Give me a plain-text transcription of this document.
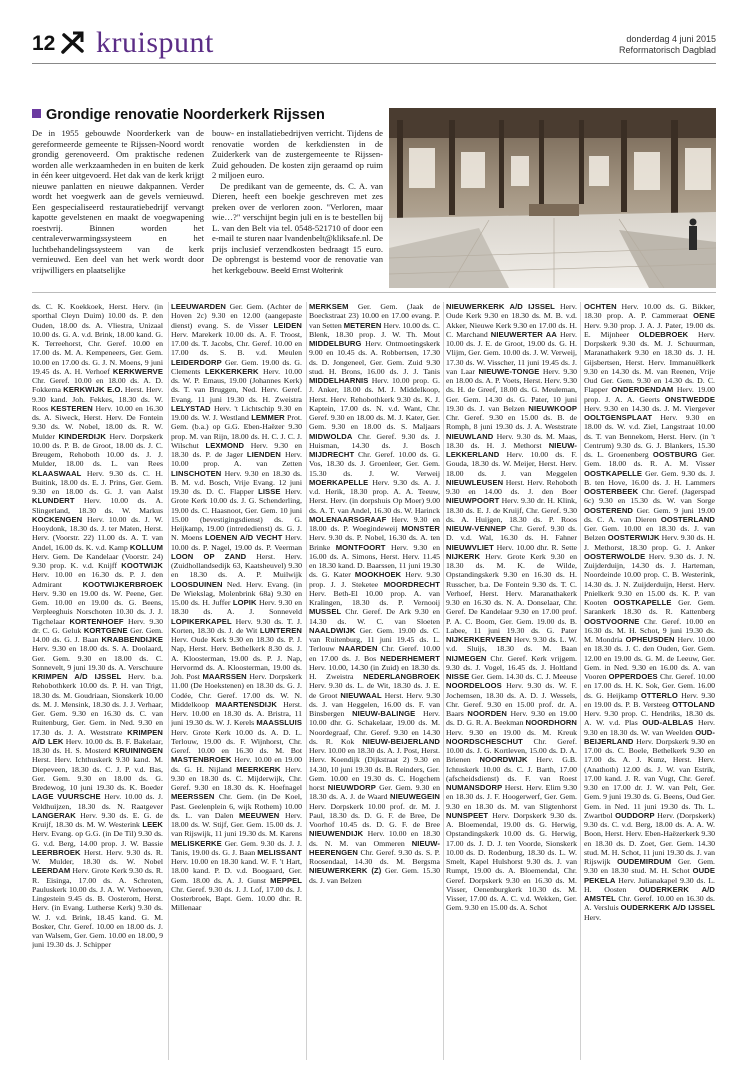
12 kruispunt	donderdag 4 juni 2015
Reformatorisch Dagblad
Grondige renovatie Noorderkerk Rijssen

De in 1955 gebouwde Noorderkerk van de gereformeerde gemeente te Rijssen-Noord wordt grondig gerenoveerd. Om praktische redenen worden alle werkzaamheden in en buiten de kerk in één keer uitgevoerd. Het dak van de kerk krijgt nieuwe panlatten en nieuwe dakpannen. Verder wordt het voegwerk aan de gevels vernieuwd. Een gespecialiseerd restauratiebedrijf vervangt kapotte gevelstenen en maakt de voegwapening roestvrij. Binnen worden het centraleverwarmingssysteem en het luchtbehandelingssysteem van de kerk vernieuwd. Een deel van het werk wordt door vrijwilligers en plaatselijke

bouw- en installatiebedrijven verricht. Tijdens de renovatie worden de kerkdiensten in de Zuiderkerk van de zustergemeente te Rijssen-Zuid gehouden. De kosten zijn geraamd op ruim 2 miljoen euro.

De predikant van de gemeente, ds. C. A. van Dieren, heeft een boekje geschreven met zes preken over de verloren zoon. "Verloren, maar wie…?" verschijnt begin juli en is te bestellen bij L. van den Belt via tel. 0548-521710 of door een e-mail te sturen naar lvandenbelt@kliksafe.nl. De prijs inclusief verzendkosten bedraagt 15 euro. De opbrengst is bestemd voor de renovatie van het kerkgebouw. Beeld Ernst Wolterink

ds. C. K. Koekkoek, Herst. Herv. (in sporthal Cleyn Duim) 10.00 ds. P. den Ouden, 18.00 ds. A. Vliestra, Unizaal 10.00 ds. G. A. v.d. Brink, 18.00 kand. G. K. Terreehorst, Chr. Geref. 10.00 en 17.00 ds. M. A. Kempeneers, Ger. Gem. 10.00 en 17.00 ds. G. J. N. Moens, 9 juni 19.45 ds. A. H. Verhoef KERKWERVE Chr. Geref. 10.00 en 18.00 ds. A. D. Fokkema KERKWIJK E.O. Herst. Herv. 9.30 kand. Joh. Fekkes, 18.30 ds. W. Roos KESTEREN Herv. 10.00 en 16.30 ds. A. Siweck, Herst. Herv. De Fontein 9.30 ds. W. Nobel, 18.00 ds. R. W. Mulder KINDERDIJK Herv. Dorpskerk 10.00 ds. P. B. de Groot, 18.00 ds. J. C. Breugem, Rehoboth 10.00 ds. J. J. Mulder, 18.00 ds. L. van Rees KLAASWAAL Herv. 9.30 ds. C. H. Buitink, 18.00 ds. E. J. Prins, Ger. Gem. 9.30 en 18.00 ds. G. J. van Aalst KLUNDERT Herv. 10.00 ds. A. Slingerland, 18.30 ds. W. Markus KOCKENGEN Herv. 10.00 ds. J. W. Hooydonk, 18.30 ds. J. ter Maten, Herst. Herv. (Voorstr. 22) 11.00 ds. A. T. van Andel, 16.00 ds. K. v.d. Kamp KOLLUM Herv. Gem. De Kandelaar (Voorstr. 24) 9.30 prop. K. v.d. Knijff KOOTWIJK Herv. 10.00 en 16.30 ds. P. J. den Admirant KOOTWIJKERBROEK Herv. 9.30 en 19.00 ds. W. Peene, Ger. Gem. 10.00 en 19.00 ds. G. Beens, Verpleeghuis Norschoten 10.30 ds. J. J. Tigchelaar KORTENHOEF Herv. 9.30 dr. C. G. Geluk KORTGENE Ger. Gem. 14.00 ds. G. J. Baan KRABBENDIJKE Herv. 9.30 en 18.00 ds. S. A. Doolaard, Ger. Gem. 9.30 en 18.00 ds. C. Sonnevelt, 9 juni 19.30 ds. A. Verschuure KRIMPEN A/D IJSSEL Herv. b.a. Rehobothkerk 10.00 ds. P. H. van Trigt, 18.30 ds. M. Goudriaan, Sionskerk 10.00 ds. M. J. Mensink, 18.30 ds. J. J. Verhaar, Ger. Gem. 9.30 en 16.30 ds. C. van Ruitenburg, Ger. Gem. in Ned. 9.30 en 17.30 ds. J. A. Weststrate KRIMPEN A/D LEK Herv. 10.00 ds. B. F. Bakelaar, 18.30 ds. H. S. Mosterd KRUININGEN Herst. Herv. Ichthuskerk 9.30 kand. M. Diepeveen, 18.30 ds. C. J. P. v.d. Bas, Ger. Gem. 9.30 en 18.00 ds. G. Bredewog, 10 juni 19.30 ds. K. Boeder LAGE VUURSCHE Herv. 10.00 ds. J. Veldhuijzen, 18.30 ds. N. Raatgever LANGERAK Herv. 9.30 ds. E. G. de Kruijf, 18.30 ds. M. W. Westerink LEEK Herv. Evang. op G.G. (in De Til) 9.30 ds. G. v.d. Berg, 14.00 prop. J. W. Bassie LEERBROEK Herst. Herv. 9.30 ds. R. W. Mulder, 18.30 ds. W. Nobel LEERDAM Herv. Grote Kerk 9.30 ds. R. R. Eisinga, 17.00 ds. A. Schroten, Pauluskerk 10.00 ds. J. A. W. Verhoeven, Lingestein 9.45 ds. B. Oosterom, Herst. Herv. (in Evang. Lutherse Kerk) 9.30 ds. W. J. v.d. Brink, 18.45 kand. G. M. Bosker, Chr. Geref. 10.00 en 18.00 ds. J. van Walsem, Ger. Gem. 10.00 en 18.00, 9 juni 19.30 ds. J. Schipper

LEEUWARDEN Ger. Gem. (Achter de Hoven 2c) 9.30 en 12.00 (aangepaste dienst) evang. S. de Visser LEIDEN Herv. Marekerk 10.00 ds. A. F. Troost, 17.00 ds. T. Jacobs, Chr. Geref. 10.00 en 17.00 ds. S. B. v.d. Meulen LEIDERDORP Ger. Gem. 19.00 ds. G. Clements LEKKERKERK Herv. 10.00 ds. W. P. Emaus, 19.00 (Johannes Kerk) ds. T. van Bruggen, Ned. Herv. Geref. Evang. 11 juni 19.30 ds. H. Zweistra LELYSTAD Herv. 't Lichtschip 9.30 en 19.00 ds. W. J. Westland LEMMER Prot. Gem. (b.a.) op G.G. Eben-Haëzer 9.30 prop. M. van Rijn, 18.00 ds. H. C. J. C. J. Wilschut LEXMOND Herv. 9.30 en 18.30 ds. P. de Jager LIENDEN Herv. 10.00 prop. A. van Zetten LINSCHOTEN Herv. 9.30 en 18.30 ds. B. M. v.d. Bosch, Vrije Evang. 12 juni 19.30 ds. D. C. Flapper LISSE Herv. Grote Kerk 10.00 ds. J. G. Schenderling, 19.00 ds. C. Haasnoot, Ger. Gem. 10 juni 15.00 (bevestigingsdienst) ds. G. Heijkamp, 19.00 (intrededienst) ds. G. J. N. Moens LOENEN A/D VECHT Herv. 10.00 ds. P. Nagel, 19.00 ds. P. Veerman LOON OP ZAND Herst. Herv. (Zuidhollandsedijk 63, Kaatsheuvel) 9.30 en 18.30 ds. A. P. Muilwijk LOOSDUINEN Ned. Herv. Evang. (in De Wiekslag, Molenbrink 68a) 9.30 en 15.00 ds. H. Juffer LOPIK Herv. 9.30 en 18.30 ds. A. J. Sonneveld LOPIKERKAPEL Herv. 9.30 ds. T. J. Korten, 18.30 ds. J. de Wit LUNTEREN Herv. Oude Kerk 9.30 en 18.30 ds. P. J. Nap, Herst. Herv. Bethelkerk 8.30 ds. J. A. Kloosterman, 19.00 ds. P. J. Nap, Hervormd ds. A. Kloosterman, 19.00 ds. Joh. Post MAARSSEN Herv. Dorpskerk 11.00 (De Hoekstenen) en 18.30 ds. G. J. Codée, Chr. Geref. 17.00 ds. W. N. Middelkoop MAARTENSDIJK Herst. Herv. 10.00 en 18.30 ds. A. Bristra, 11 juni 19.30 ds. W. J. Kerels MAASSLUIS Herv. Grote Kerk 10.00 ds. A. D. L. Terlouw, 19.00 ds. F. Wijnhorst, Chr. Geref. 10.00 en 16.30 ds. M. Bot MASTENBROEK Herv. 10.00 en 19.00 ds. G. H. Nijland MEERKERK Herv. 9.30 en 18.30 ds. C. Mijderwijk, Chr. Geref. 9.30 en 18.30 ds. K. Hoefnagel MEERSSEN Chr. Gem. (in De Koel, Past. Geelenplein 6, wijk Rothem) 10.00 ds. L. van Dalen MEEUWEN Herv. 18.00 ds. W. Stijf, Ger. Gem. 15.00 ds. J. van Rijswijk, 11 juni 19.30 ds. M. Karens MELISKERKE Ger. Gem. 9.30 ds. J. J. Tanis, 19.00 ds. G. J. Baan MELISSANT Herv. 10.00 en 18.30 kand. W. F. 't Hart, 18.00 kand. P. D. v.d. Boogaard, Ger. Gem. 18.00 ds. A. J. Gunst MEPPEL Chr. Geref. 9.30 ds. J. J. Lof, 17.00 ds. J. Oosterbroek, Bapt. Gem. 10.00 dhr. R. Millenaar

MERKSEM Ger. Gem. (Jaak de Boeckstraat 23) 10.00 en 17.00 evang. P. van Setten METEREN Herv. 10.00 ds. C. Blenk, 18.30 prop. J. W. Th. Mout MIDDELBURG Herv. Ontmoetingskerk 9.00 en 10.45 ds. A. Robbertsen, 17.30 ds. D. Jongeneel, Ger. Gem. Zuid 9.30 stud. H. Brons, 16.00 ds. J. J. Tanis MIDDELHARNIS Herv. 10.00 prop. G. J. Anker, 18.00 ds. M. J. Middelkoop, Herst. Herv. Rehobothkerk 9.30 ds. K. J. Kaptein, 17.00 ds. N. v.d. Want, Chr. Geref. 9.30 en 18.00 ds. M. J. Kater, Ger. Gem. 9.30 en 18.00 ds. S. Maljaars MIDWOLDA Chr. Geref. 9.30 ds. J. Huisman, 14.30 ds. J. Bosch MIJDRECHT Chr. Geref. 10.00 ds. G. Vos, 18.30 ds. J. Groenleer, Ger. Gem. 15.30 ds. J. W. Verweij MOERKAPELLE Herv. 9.30 ds. A. J. v.d. Herik, 18.30 prop. A. A. Teeuw, Herst. Herv. (in dorpshuis Op Moer) 9.00 ds. A. T. van Andel, 16.30 ds. W. Harinck MOLENAARSGRAAF Herv. 9.30 en 18.00 ds. P. Woegindeweij MONSTER Herv. 9.30 ds. P. Nobel, 16.30 ds. A. ten Brinke MONTFOORT Herv. 9.30 en 16.00 ds. A. Simons, Herst. Herv. 11.45 en 18.30 kand. D. Baarssen, 11 juni 19.30 ds. G. Kater MOOKHOEK Herv. 9.30 prop. J. J. Steketee MOORDRECHT Herv. Beth-El 10.00 prop. A. van Kralingen, 18.30 ds. P. Vernooij MUSSEL Chr. Geref. De Ark 9.30 en 14.30 ds. W. C. van Sloeten NAALDWIJK Ger. Gem. 19.00 ds. C. van Ruitenburg, 11 juni 19.45 ds. L. Terlouw NAARDEN Chr. Geref. 10.00 en 17.00 ds. J. Bos NEDERHEMERT Herv. 10.00, 14.30 (in Zuid) en 18.30 ds. H. Zweistra NEDERLANGBROEK Herv. 9.30 ds. L. de Wit, 18.30 ds. J. E. de Groot NIEUWAAL Herst. Herv. 9.30 ds. J. van Heggelen, 16.00 ds. F. van Binsbergen NIEUW-BALINGE Herv. 10.00 dhr. G. Schakelaar, 19.00 ds. M. Noordegraaf, Chr. Geref. 9.30 en 14.30 ds. R. Kok NIEUW-BEIJERLAND Herv. 10.00 en 18.30 ds. A. J. Post, Herst. Herv. Koendijk (Dijkstraat 2) 9.30 en 14.30, 10 juni 19.30 ds. B. Reinders, Ger. Gem. 10.00 en 19.30 ds. C. Hogchem horst NIEUWDORP Ger. Gem. 9.30 en 18.30 ds. A. J. de Waard NIEUWEGEIN Herv. Dorpskerk 10.00 prof. dr. M. J. Paul, 18.30 ds. D. G. F. de Bree, De Voorhof 10.45 ds. D. G. F. de Bree NIEUWENDIJK Herv. 10.00 en 18.30 ds. N. M. van Ommeren NIEUW-HEERENGEN Chr. Geref. 9.30 ds. S. P. Roosendaal, 14.30 ds. M. Bergsma NIEUWERKERK (Z) Ger. Gem. 15.30 ds. J. van Belzen

NIEUWERKERK A/D IJSSEL Herv. Oude Kerk 9.30 en 18.30 ds. M. B. v.d. Akker, Nieuwe Kerk 9.30 en 17.00 ds. H. C. Marchand NIEUWERTER AA Herv. 10.00 ds. J. E. de Groot, 19.00 ds. G. H. Vlijm, Ger. Gem. 10.00 ds. J. W. Verweij, 17.30 ds. W. Visscher, 11 juni 19.45 ds. J. van Laar NIEUWE-TONGE Herv. 9.30 en 18.00 ds. A. P. Voets, Herst. Herv. 9.30 ds. H. de Greef, 18.00 ds. G. Meuleman, Ger. Gem. 14.30 ds. G. Pater, 10 juni 19.30 ds. J. van Belzen NIEUWKOOP Chr. Geref. 9.30 en 15.00 ds. B. de Romph, 8 juni 19.30 ds. J. A. Weststrate NIEUWLAND Herv. 9.30 ds. M. Maas, 18.30 ds. H. J. Methorst NIEUW-LEKKERLAND Herv. 10.00 ds. F. Gouda, 18.30 ds. W. Meijer, Herst. Herv. 18.00 ds. J. van Meggelen NIEUWLEUSEN Herst. Herv. Rehoboth 9.30 en 14.00 ds. J. den Boer NIEUWPOORT Herv. 9.30 dr. H. Klink, 18.30 ds. E. J. de Kruijf, Chr. Geref. 9.30 ds. A. Huijgen, 18.30 ds. P. Roos NIEUW-VENNEP Chr. Geref. 9.30 ds. D. v.d. Wal, 16.30 ds. H. Fahner NIEUWVLIET Herv. 10.00 dhr. R. Sette NIJKERK Herv. Grote Kerk 9.30 en 18.30 ds. M. K. de Wilde, Opstandingskerk 9.30 en 16.30 ds. H. Russcher, b.a. De Fontein 9.30 ds. T. C. Verhoef, Herst. Herv. Maranathakerk 9.30 en 16.30 ds. N. A. Donselaar, Chr. Geref. De Kandelaar 9.30 en 17.00 prof. P. A. C. Boom, Ger. Gem. 19.00 ds. B. Labee, 11 juni 19.30 ds. G. Pater NIJKERKERVEEN Herv. 9.30 ds. L. W. v.d. Sluijs, 18.30 ds. M. Baan NIJMEGEN Chr. Geref. Kerk vrijgem. 9.30 ds. J. Vogel, 16.45 ds. J. Holtland NISSE Ger. Gem. 14.30 ds. C. J. Meeuse NOORDELOOS Herv. 9.30 ds. W. F. Jochemsen, 18.30 ds. A. D. J. Wessels, Chr. Geref. 9.30 en 15.00 prof. dr. A. Baars NOORDEN Herv. 9.30 en 19.00 ds. D. G. R. A. Beekman NOORDHORN Herv. 9.30 en 19.00 ds. M. Kreuk NOORDSCHESCHUT Chr. Geref. 10.00 ds. J. G. Kortleven, 15.00 ds. D. A. Brienen NOORDWIJK Herv. G.B. Ichtuskerk 10.00 ds. C. J. Barth, 17.00 (afscheidsdienst) ds. F. van Roest NUMANSDORP Herst. Herv. Elim 9.30 en 18.30 ds. J. F. Hoogerwerf, Ger. Gem. 9.30 en 18.30 ds. M. van Sligtenhorst NUNSPEET Herv. Dorpskerk 9.30 ds. A. Bloemendal, 19.00 ds. G. Herwig, Opstandingskerk 10.00 ds. G. Herwig, 17.00 ds. J. D. J. ten Voorde, Sionskerk 10.00 ds. D. Rodenburg, 18.30 ds. L. W. Smelt, Kapel Hulshorst 9.30 ds. J. van Rumpt, 19.00 ds. A. Bloemendal, Chr. Geref. Dorpskerk 9.30 en 16.30 ds. M. Visser, Oenenburgkerk 10.30 ds. M. Visser, 17.00 ds. A. C. v.d. Wekken, Ger. Gem. 9.30 en 15.00 ds. A. Schot

OCHTEN Herv. 10.00 ds. G. Bikker, 18.30 prop. A. P. Cammeraat OENE Herv. 9.30 prop. J. A. J. Pater, 19.00 ds. E. Mijnheer OLDEBROEK Herv. Dorpskerk 9.30 ds. M. J. Schuurman, Maranathakerk 9.30 en 18.30 ds. J. H. Gijsbertsen, Herst. Herv. Immanuëlkerk 9.30 en 14.30 ds. M. van Reenen, Vrije Oud Ger. Gem. 9.30 en 14.30 ds. D. C. Flapper ONDERDENDAM Herv. 19.00 prop. J. A. A. Geerts ONSTWEDDE Herv. 9.30 en 14.30 ds. J. M. Viergever OOLTGENSPLAAT Herv. 9.30 en 18.00 ds. W. v.d. Ziel, Langstraat 10.00 ds. T. van Bennekom, Herst. Herv. (in 't Centrum) 9.30 ds. G. J. Blankers, 15.30 ds. L. Groenenberg OOSTBURG Ger. Gem. 18.00 ds. R. A. M. Visser OOSTKAPELLE Ger. Gem. 9.30 ds. J. B. ten Hove, 16.00 ds. J. H. Lammers OOSTERBEEK Chr. Geref. (Jagerspad 6c) 9.30 en 15.30 ds. W. van Sorge OOSTEREND Ger. Gem. 9 juni 19.00 ds. C. A. van Dieren OOSTERLAND Ger. Gem. 10.00 en 18.30 ds. J. van Belzen OOSTERWIJK Herv. 9.30 ds. H. J. Methorst, 18.30 prop. G. J. Anker OOSTERWOLDE Herv. 9.30 ds. J. N. Zuijderduijn, 14.30 ds. J. Harteman, Noordeinde 10.00 prop. C. B. Westerink, 14.30 ds. J. N. Zuijderduijn, Herst. Herv. Pnielkerk 9.30 en 15.00 ds. K. P. van Kooten OOSTKAPELLE Ger. Gem. Sarankerk 18.30 ds. R. Kattenberg OOSTVOORNE Chr. Geref. 10.00 en 16.30 ds. M. H. Schot, 9 juni 19.30 ds. M. Mondria OPHEUSDEN Herv. 10.00 en 18.30 ds. J. C. den Ouden, Ger. Gem. 12.00 en 19.00 ds. G. M. de Leeuw, Ger. Gem. in Ned. 9.30 en 16.00 ds. A. van Vooren OPPERDOES Chr. Geref. 10.00 en 17.00 ds. H. K. Sok, Ger. Gem. 16.00 ds. G. Heijkamp OTTERLO Herv. 9.30 en 19.00 ds. P. B. Versteeg OTTOLAND Herv. 9.30 prop. C. Hendriks, 18.30 ds. A. W. v.d. Plas OUD-ALBLAS Herv. 9.30 en 18.30 ds. W. van Weelden OUD-BEIJERLAND Herv. Dorpskerk 9.30 en 17.00 ds. C. Boele, Bethelkerk 9.30 en 17.00 ds. A. J. Kunz, Herst. Herv. (Anathoth) 12.00 ds. J. W. van Estrik, 17.00 kand. J. R. van Vugt, Chr. Geref. 9.30 en 17.00 dr. J. W. van Pelt, Ger. Gem. 9 juni 19.30 ds. G. Beens, Oud Ger. Gem. in Ned. 11 juni 19.30 ds. Th. L. Zwartbol OUDDORP Herv. (Dorpskerk) 9.30 ds. C. v.d. Berg, 18.00 ds. A. A. W. Boon, Herst. Herv. Eben-Haëzerkerk 9.30 en 18.30 ds. D. Zoet, Ger. Gem. 14.30 stud. M. H. Schot, 11 juni 19.30 ds. J. van Rijswijk OUDEMIRDUM Ger. Gem. 9.30 en 18.30 stud. M. H. Schot OUDE PEKELA Herv. Julianakapel 9.30 ds. L. H. Oosten OUDERKERK A/D AMSTEL Chr. Geref. 10.00 en 16.30 ds. A. Versluis OUDERKERK A/D IJSSEL Herv.
